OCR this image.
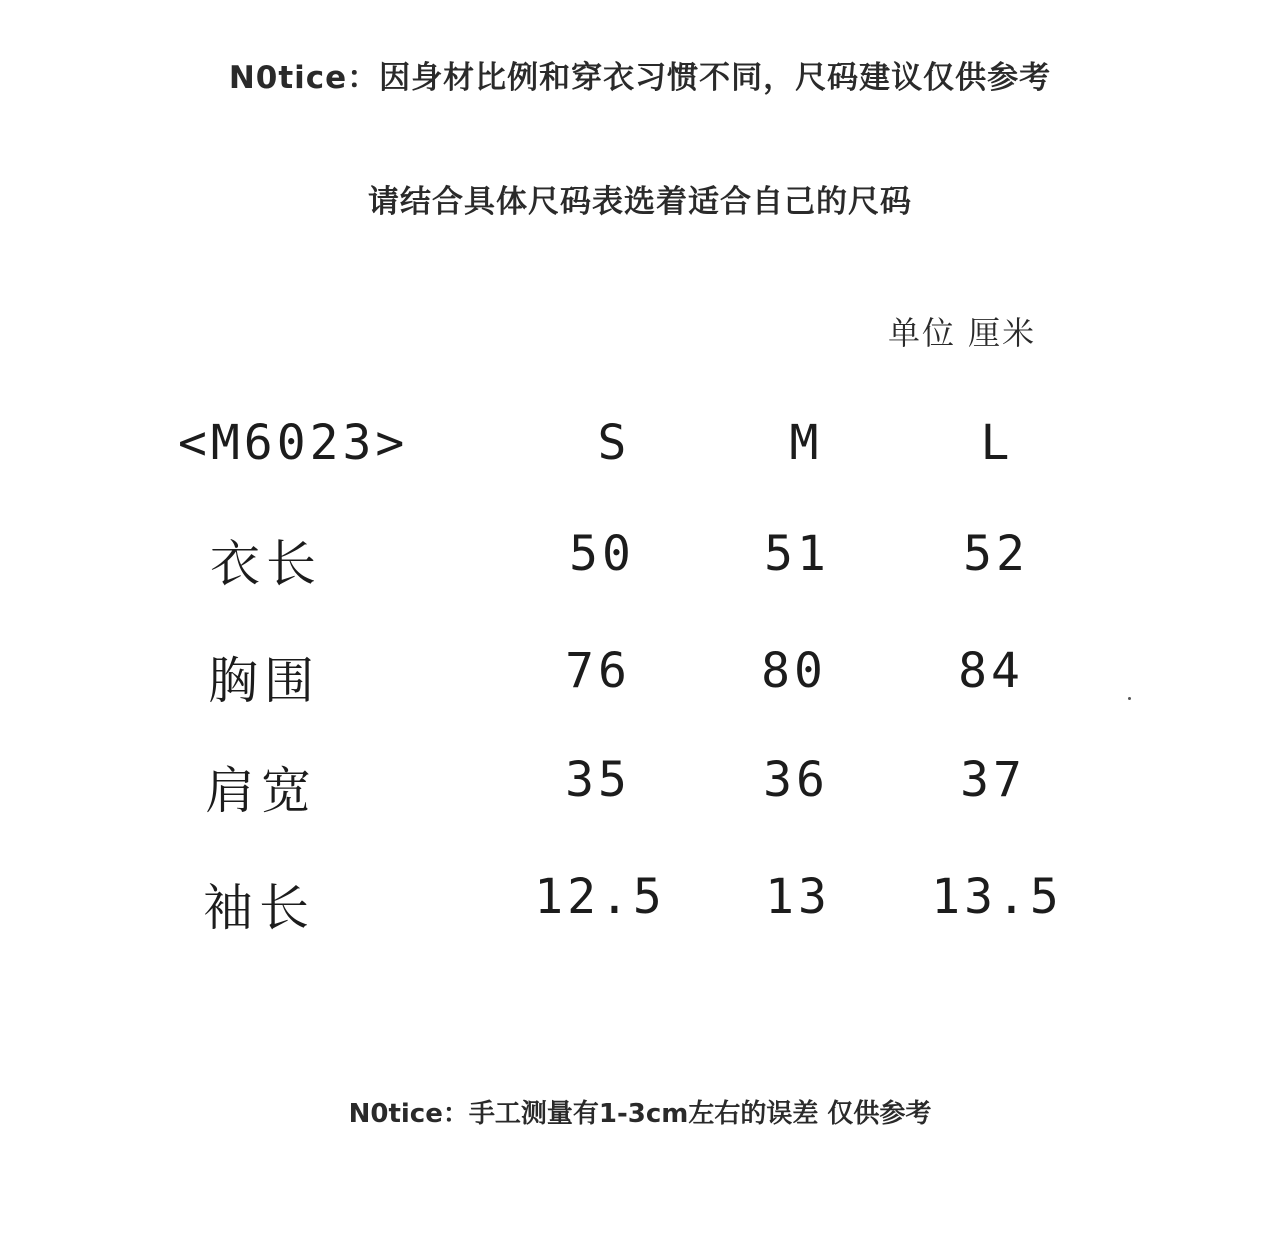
N0tice：因身材比例和穿衣习惯不同，尺码建议仅供参考
请结合具体尺码表选着适合自己的尺码
单位 厘米
<M6023>	S	M	L
衣长	50	51	52
胸围	76	80	84
肩宽	35	36	37
袖长	12.5	13	13.5
N0tice：手工测量有1-3cm左右的误差 仅供参考
